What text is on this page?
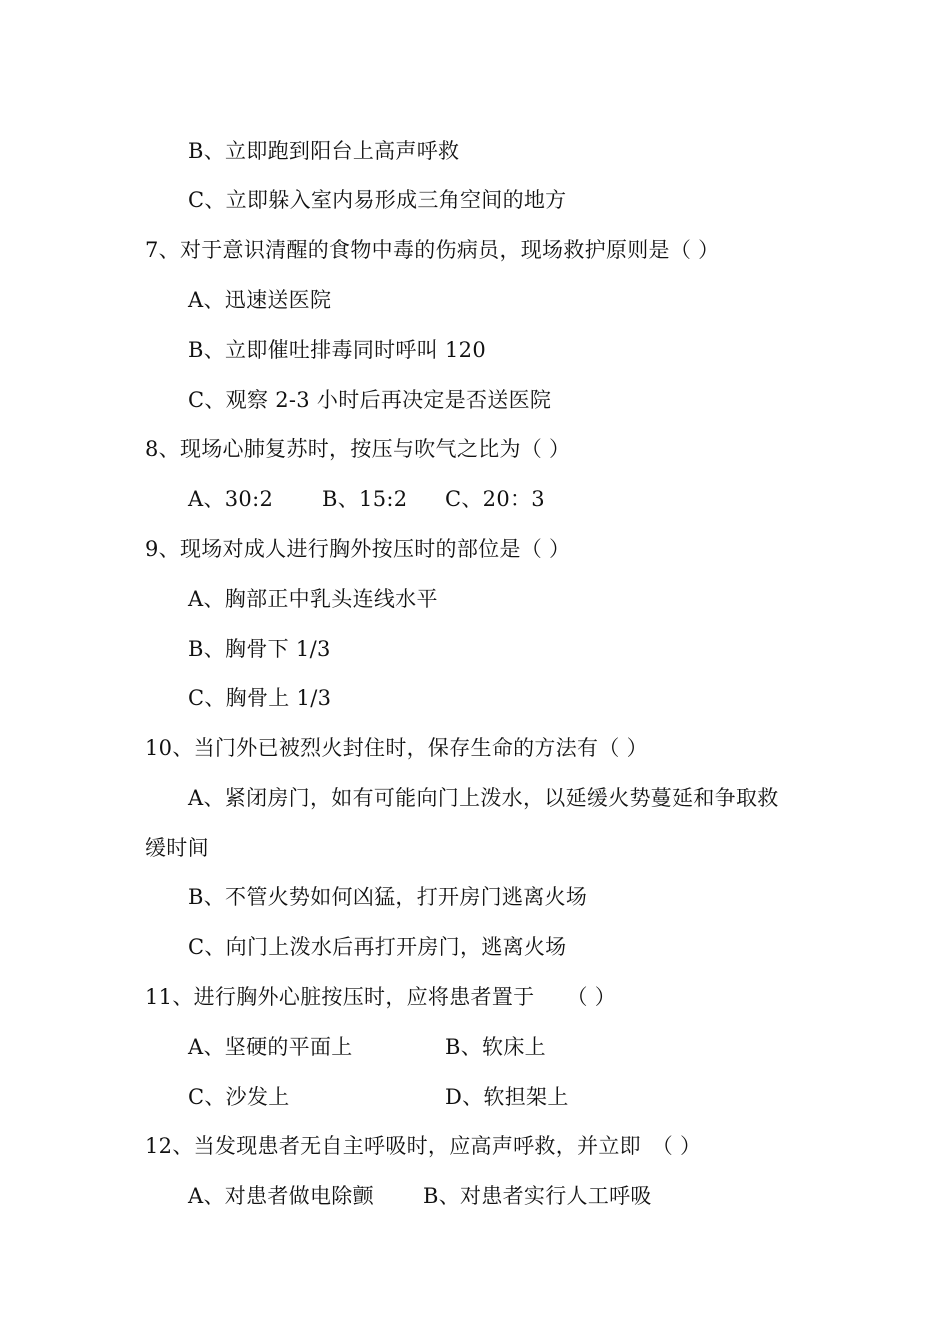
B、立即跑到阳台上高声呼救

C、立即躲入室内易形成三角空间的地方

7、对于意识清醒的食物中毒的伤病员，现场救护原则是（ ）

A、迅速送医院

B、立即催吐排毒同时呼叫 120

C、观察 2-3 小时后再决定是否送医院

8、现场心肺复苏时，按压与吹气之比为（ ）

A、30:2 B、15:2 C、20：3

9、现场对成人进行胸外按压时的部位是（ ）

A、胸部正中乳头连线水平

B、胸骨下 1/3

C、胸骨上 1/3

10、当门外已被烈火封住时，保存生命的方法有（ ）

A、紧闭房门，如有可能向门上泼水，以延缓火势蔓延和争取救

缓时间

B、不管火势如何凶猛，打开房门逃离火场

C、向门上泼水后再打开房门，逃离火场

11、进行胸外心脏按压时，应将患者置于　　（ ）

A、坚硬的平面上	B、软床上

C、沙发上	D、软担架上

12、当发现患者无自主呼吸时，应高声呼救，并立即　（ ）

A、对患者做电除颤 B、对患者实行人工呼吸
